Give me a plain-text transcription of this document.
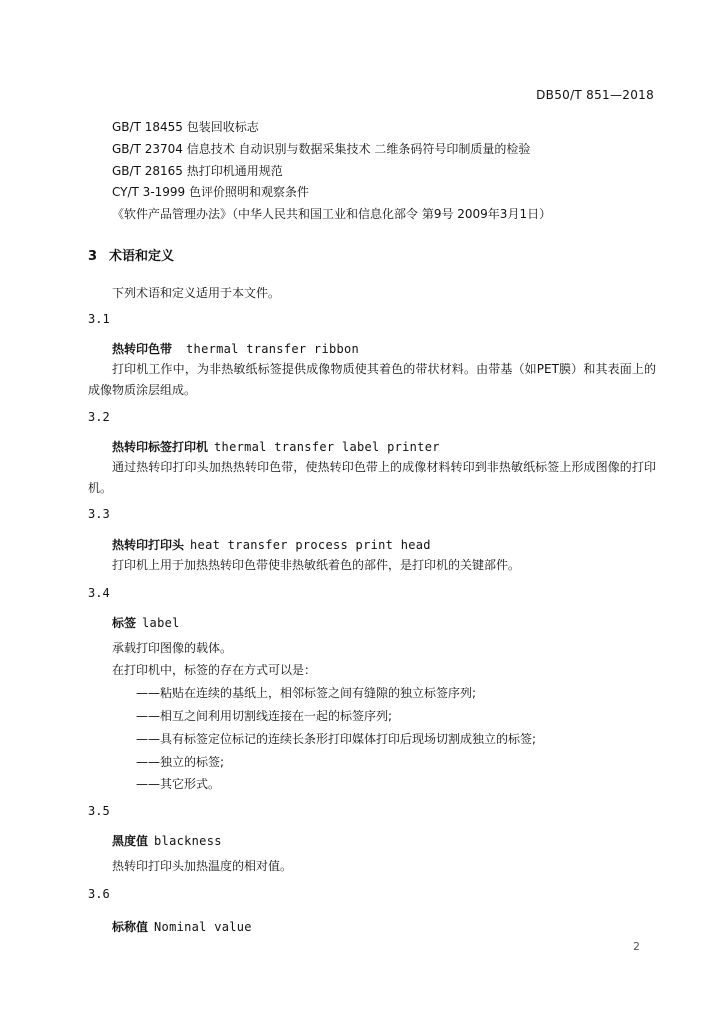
DB50/T 851—2018
GB/T 18455 包装回收标志
GB/T 23704 信息技术 自动识别与数据采集技术 二维条码符号印制质量的检验
GB/T 28165 热打印机通用规范
CY/T 3-1999 色评价照明和观察条件
《软件产品管理办法》（中华人民共和国工业和信息化部令 第9号 2009年3月1日）
3 术语和定义
下列术语和定义适用于本文件。
3.1
热转印色带 thermal transfer ribbon
打印机工作中，为非热敏纸标签提供成像物质使其着色的带状材料。由带基（如PET膜）和其表面上的成像物质涂层组成。
3.2
热转印标签打印机 thermal transfer label printer
通过热转印打印头加热热转印色带，使热转印色带上的成像材料转印到非热敏纸标签上形成图像的打印机。
3.3
热转印打印头 heat transfer process print head
打印机上用于加热热转印色带使非热敏纸着色的部件，是打印机的关键部件。
3.4
标签 label
承载打印图像的载体。
在打印机中，标签的存在方式可以是：
——粘贴在连续的基纸上，相邻标签之间有缝隙的独立标签序列;
——相互之间利用切割线连接在一起的标签序列;
——具有标签定位标记的连续长条形打印媒体打印后现场切割成独立的标签;
——独立的标签;
——其它形式。
3.5
黑度值 blackness
热转印打印头加热温度的相对值。
3.6
标称值 Nominal value
2
